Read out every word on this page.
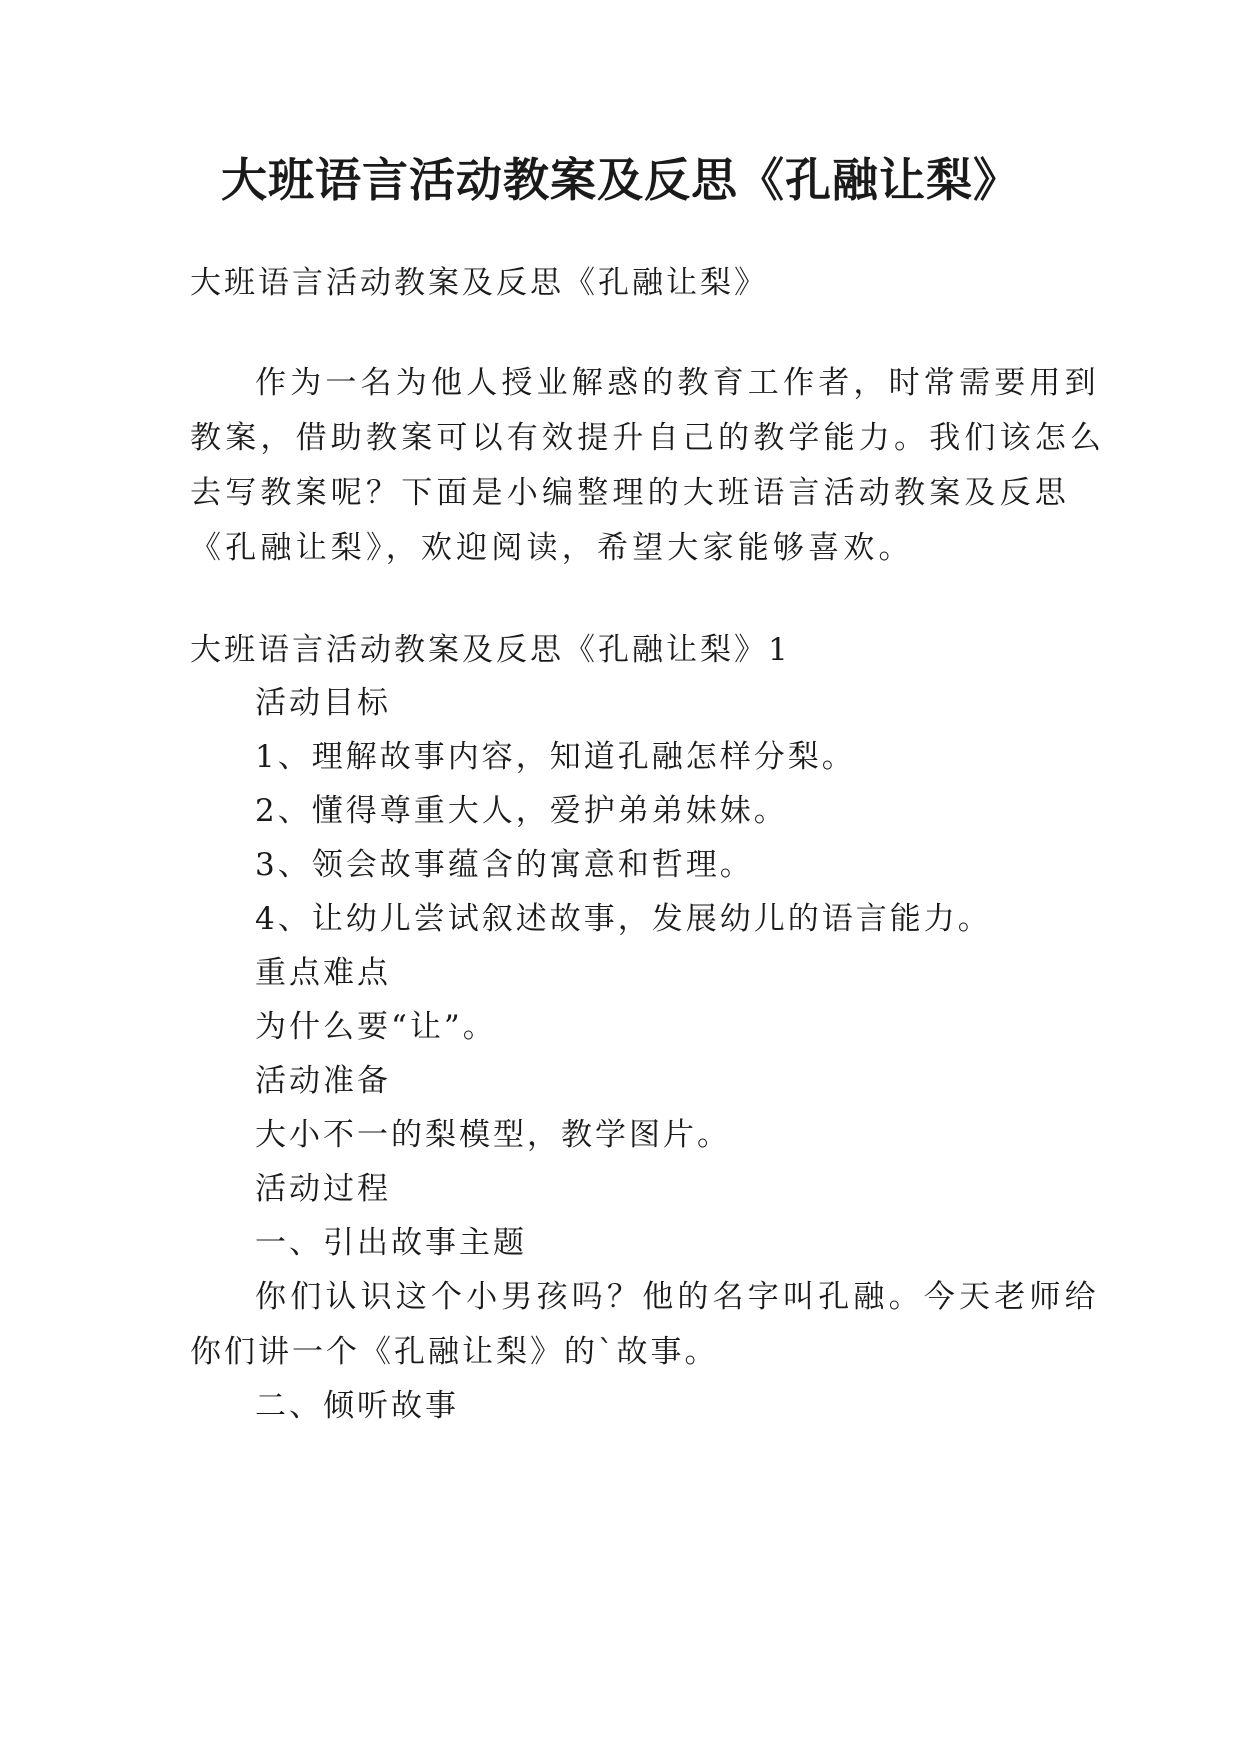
大班语言活动教案及反思《孔融让梨》

大班语言活动教案及反思《孔融让梨》

作为一名为他人授业解惑的教育工作者，时常需要用到

教案，借助教案可以有效提升自己的教学能力。我们该怎么

去写教案呢？下面是小编整理的大班语言活动教案及反思

《孔融让梨》，欢迎阅读，希望大家能够喜欢。

大班语言活动教案及反思《孔融让梨》1

活动目标

1、理解故事内容，知道孔融怎样分梨。

2、懂得尊重大人，爱护弟弟妹妹。

3、领会故事蕴含的寓意和哲理。

4、让幼儿尝试叙述故事，发展幼儿的语言能力。

重点难点

为什么要“让”。

活动准备

大小不一的梨模型，教学图片。

活动过程

一、引出故事主题

你们认识这个小男孩吗？他的名字叫孔融。今天老师给

你们讲一个《孔融让梨》的`故事。

二、倾听故事
